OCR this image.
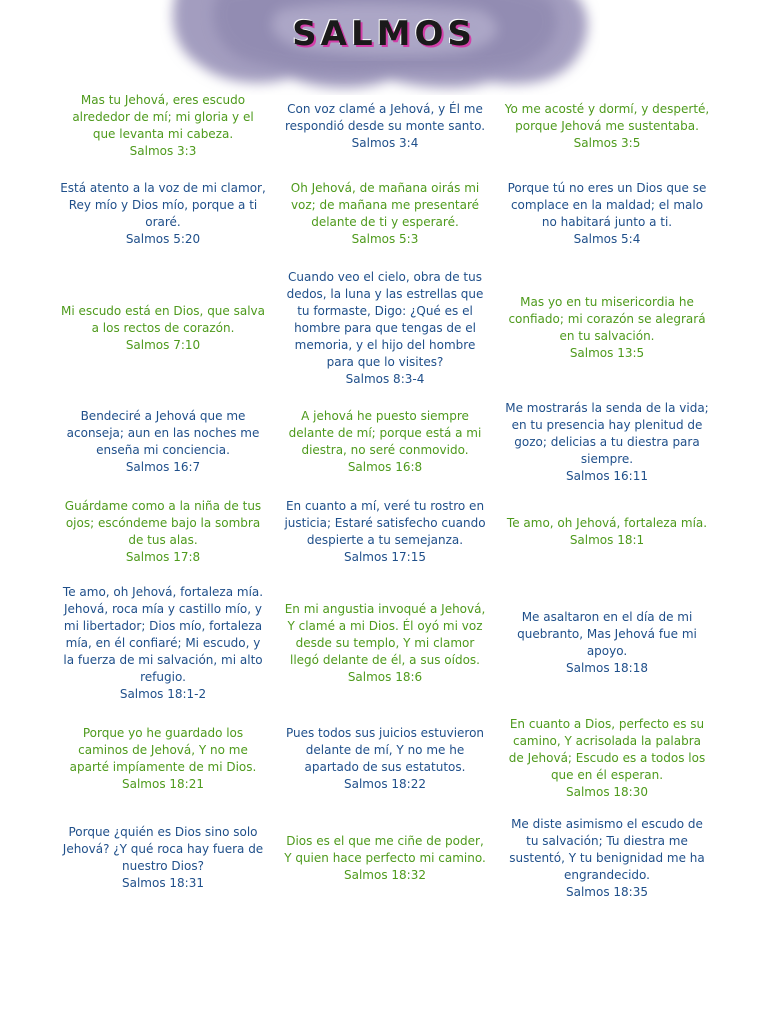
SALMOS
Mas tu Jehová, eres escudo alrededor de mí; mi gloria y el que levanta mi cabeza.
Salmos 3:3
Con voz clamé a Jehová, y Él me respondió desde su monte santo.
Salmos 3:4
Yo me acosté y dormí, y desperté, porque Jehová me sustentaba.
Salmos 3:5
Está atento a la voz de mi clamor, Rey mío y Dios mío, porque a ti oraré.
Salmos 5:20
Oh Jehová, de mañana oirás mi voz; de mañana me presentaré delante de ti y esperaré.
Salmos 5:3
Porque tú no eres un Dios que se complace en la maldad; el malo no habitará junto a ti.
Salmos 5:4
Mi escudo está en Dios, que salva a los rectos de corazón.
Salmos 7:10
Cuando veo el cielo, obra de tus dedos, la luna y las estrellas que tu formaste, Digo: ¿Qué es el hombre para que tengas de el memoria, y el hijo del hombre para que lo visites?
Salmos 8:3-4
Mas yo en tu misericordia he confiado; mi corazón se alegrará en tu salvación.
Salmos 13:5
Bendeciré a Jehová que me aconseja; aun en las noches me enseña mi conciencia.
Salmos 16:7
A jehová he puesto siempre delante de mí; porque está a mi diestra, no seré conmovido.
Salmos 16:8
Me mostrarás la senda de la vida; en tu presencia hay plenitud de gozo; delicias a tu diestra para siempre.
Salmos 16:11
Guárdame como a la niña de tus ojos; escóndeme bajo la sombra de tus alas.
Salmos 17:8
En cuanto a mí, veré tu rostro en justicia; Estaré satisfecho cuando despierte a tu semejanza.
Salmos 17:15
Te amo, oh Jehová, fortaleza mía.
Salmos 18:1
Te amo, oh Jehová, fortaleza mía. Jehová, roca mía y castillo mío, y mi libertador; Dios mío, fortaleza mía, en él confiaré; Mi escudo, y la fuerza de mi salvación, mi alto refugio.
Salmos 18:1-2
En mi angustia invoqué a Jehová, Y clamé a mi Dios. Él oyó mi voz desde su templo, Y mi clamor llegó delante de él, a sus oídos.
Salmos 18:6
Me asaltaron en el día de mi quebranto, Mas Jehová fue mi apoyo.
Salmos 18:18
Porque yo he guardado los caminos de Jehová, Y no me aparté impíamente de mi Dios.
Salmos 18:21
Pues todos sus juicios estuvieron delante de mí, Y no me he apartado de sus estatutos.
Salmos 18:22
En cuanto a Dios, perfecto es su camino, Y acrisolada la palabra de Jehová; Escudo es a todos los que en él esperan.
Salmos 18:30
Porque ¿quién es Dios sino solo Jehová? ¿Y qué roca hay fuera de nuestro Dios?
Salmos 18:31
Dios es el que me ciñe de poder, Y quien hace perfecto mi camino.
Salmos 18:32
Me diste asimismo el escudo de tu salvación; Tu diestra me sustentó, Y tu benignidad me ha engrandecido.
Salmos 18:35
